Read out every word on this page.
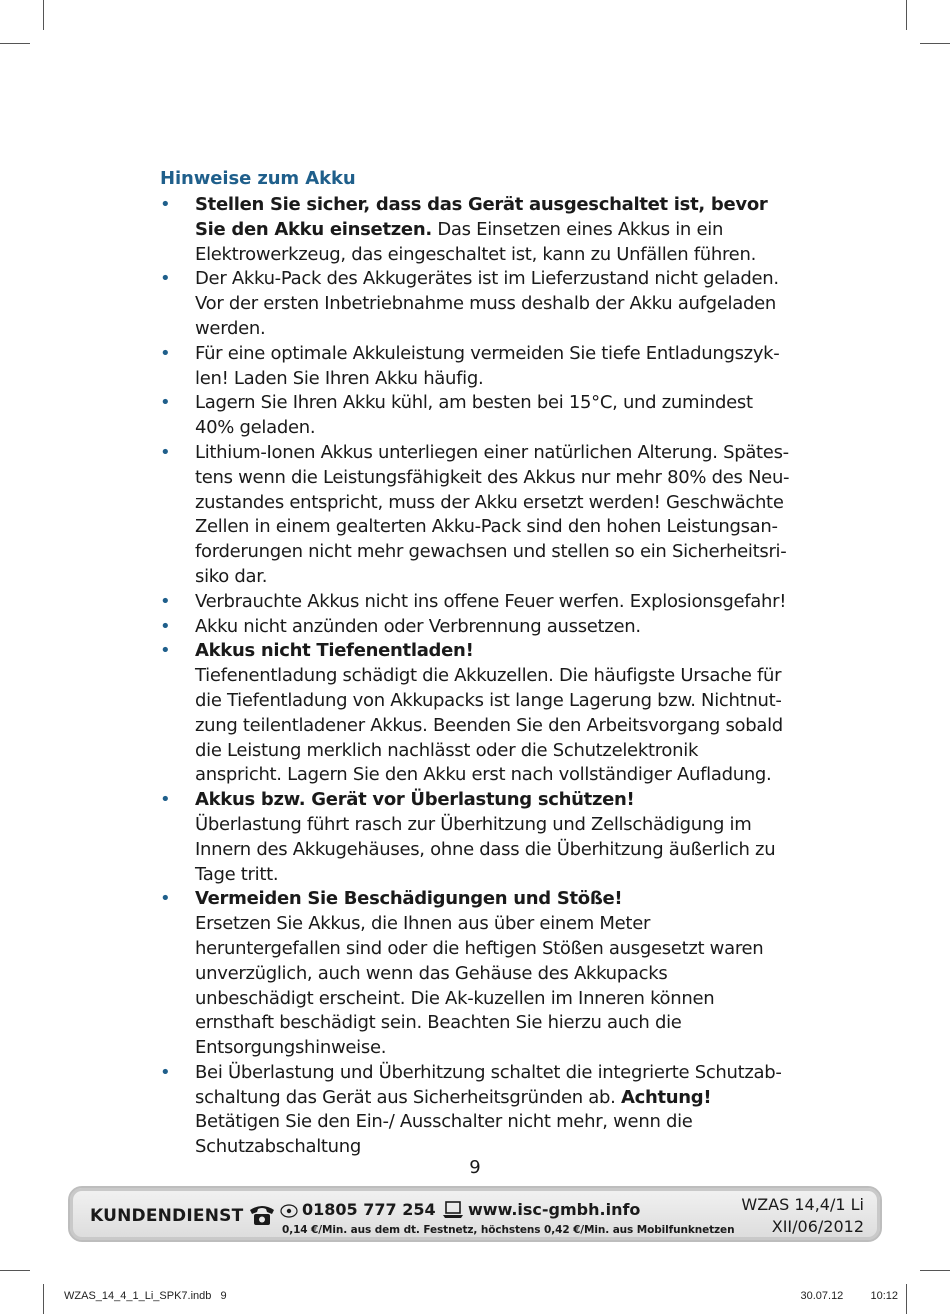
Hinweise zum Akku
• Stellen Sie sicher, dass das Gerät ausgeschaltet ist, bevor Sie den Akku einsetzen. Das Einsetzen eines Akkus in ein Elektrowerkzeug, das eingeschaltet ist, kann zu Unfällen führen.
• Der Akku-Pack des Akkugerätes ist im Lieferzustand nicht geladen. Vor der ersten Inbetriebnahme muss deshalb der Akku aufgeladen werden.
• Für eine optimale Akkuleistung vermeiden Sie tiefe Entladungszyk-len! Laden Sie Ihren Akku häufig.
• Lagern Sie Ihren Akku kühl, am besten bei 15°C, und zumindest 40% geladen.
• Lithium-Ionen Akkus unterliegen einer natürlichen Alterung. Spätes-tens wenn die Leistungsfähigkeit des Akkus nur mehr 80% des Neu-zustandes entspricht, muss der Akku ersetzt werden! Geschwächte Zellen in einem gealterten Akku-Pack sind den hohen Leistungsan-forderungen nicht mehr gewachsen und stellen so ein Sicherheitsri-siko dar.
• Verbrauchte Akkus nicht ins offene Feuer werfen. Explosionsgefahr!
• Akku nicht anzünden oder Verbrennung aussetzen.
• Akkus nicht Tiefenentladen!
Tiefenentladung schädigt die Akkuzellen. Die häufigste Ursache für die Tiefentladung von Akkupacks ist lange Lagerung bzw. Nichtnut-zung teilentladener Akkus. Beenden Sie den Arbeitsvorgang sobald die Leistung merklich nachlässt oder die Schutzelektronik anspricht. Lagern Sie den Akku erst nach vollständiger Aufladung.
• Akkus bzw. Gerät vor Überlastung schützen!
Überlastung führt rasch zur Überhitzung und Zellschädigung im Innern des Akkugehäuses, ohne dass die Überhitzung äußerlich zu Tage tritt.
• Vermeiden Sie Beschädigungen und Stöße!
Ersetzen Sie Akkus, die Ihnen aus über einem Meter heruntergefallen sind oder die heftigen Stößen ausgesetzt waren unverzüglich, auch wenn das Gehäuse des Akkupacks unbeschädigt erscheint. Die Ak-kuzellen im Inneren können ernsthaft beschädigt sein. Beachten Sie hierzu auch die Entsorgungshinweise.
• Bei Überlastung und Überhitzung schaltet die integrierte Schutzab-schaltung das Gerät aus Sicherheitsgründen ab. Achtung! Betätigen Sie den Ein-/ Ausschalter nicht mehr, wenn die Schutzabschaltung
9
KUNDENDIENST	01805 777 254 www.isc-gmbh.info
0,14 €/Min. aus dem dt. Festnetz, höchstens 0,42 €/Min. aus Mobilfunknetzen
WZAS 14,4/1 Li
XII/06/2012
WZAS_14_4_1_Li_SPK7.indb   9	30.07.12   10:12
